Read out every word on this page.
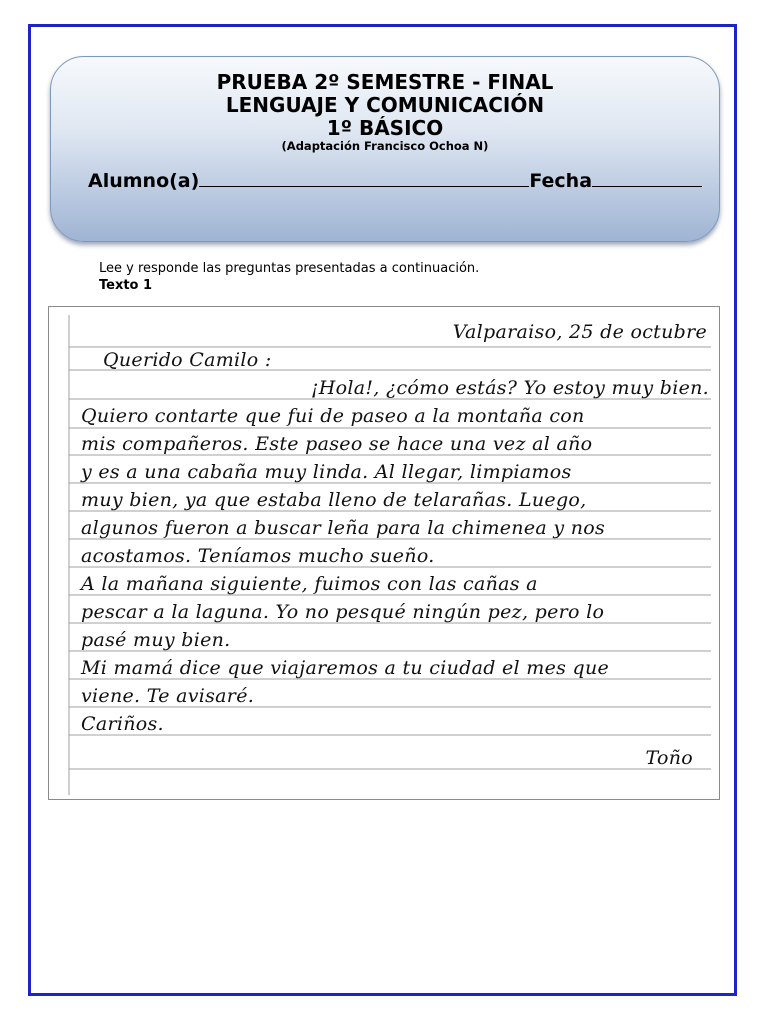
PRUEBA 2º SEMESTRE - FINAL
LENGUAJE Y COMUNICACIÓN
1º BÁSICO
(Adaptación Francisco Ochoa N)
Alumno(a)	Fecha
Lee y responde las preguntas presentadas a continuación.
Texto 1
Valparaiso, 25 de octubre
Querido Camilo :
¡Hola!, ¿cómo estás? Yo estoy muy bien.
Quiero contarte que fui de paseo a la montaña con
mis compañeros. Este paseo se hace una vez al año
y es a una cabaña muy linda. Al llegar, limpiamos
muy bien, ya que estaba lleno de telarañas. Luego,
algunos fueron a buscar leña para la chimenea y nos
acostamos. Teníamos mucho sueño.
A la mañana siguiente, fuimos con las cañas a
pescar a la laguna. Yo no pesqué ningún pez, pero lo
pasé muy bien.
Mi mamá dice que viajaremos a tu ciudad el mes que
viene. Te avisaré.
Cariños.
Toño
